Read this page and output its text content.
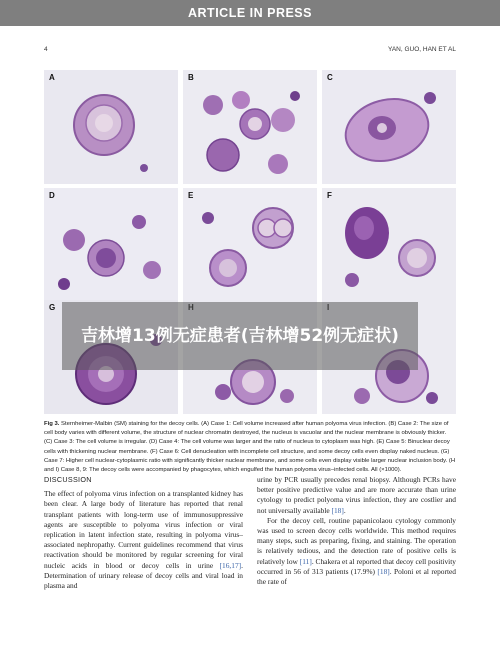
ARTICLE IN PRESS
4	YAN, GUO, HAN ET AL
A	B	C
D	E	F
G
吉林增13例无症患者(吉林增52例无症状)
Fig 3. Sternheimer-Malbin (SM) staining for the decoy cells. (A) Case 1: Cell volume increased after human polyoma virus infection. (B) Case 2: The size of cell body varies with different volume, the structure of nuclear chromatin destroyed, the nucleus is vacuolar and the nuclear membrane is obviously thicker. (C) Case 3: The cell volume is irregular. (D) Case 4: The cell volume was larger and the ratio of nucleus to cytoplasm was high. (E) Case 5: Binuclear decoy cells with thickening nuclear membrane. (F) Case 6: Cell denucleation with incomplete cell structure, and some decoy cells even display naked nucleus. (G) Case 7: Higher cell nuclear-cytoplasmic ratio with significantly thicker nuclear membrane, and some cells even display visible larger nuclear inclusion body. (H and I) Case 8, 9: The decoy cells were accompanied by phagocytes, which engulfed the human polyoma virus–infected cells. All (×1000).
DISCUSSION
The effect of polyoma virus infection on a transplanted kidney has been clear. A large body of literature has reported that renal transplant patients with long-term use of immunosuppressive agents are susceptible to polyoma virus infection or viral replication in latent infection state, resulting in polyoma virus–associated nephropathy. Current guidelines recommend that virus reactivation should be monitored by regular screening for viral nucleic acids in blood or decoy cells in urine [16,17]. Determination of urinary release of decoy cells and viral load in plasma and
urine by PCR usually precedes renal biopsy. Although PCRs have better positive predictive value and are more accurate than urine cytology to predict polyoma virus infection, they are costlier and not universally available [18].
For the decoy cell, routine papanicolaou cytology commonly was used to screen decoy cells worldwide. This method requires many steps, such as preparing, fixing, and staining. The operation is relatively tedious, and the detection rate of positive cells is relatively low [11]. Chakera et al reported that decoy cell positivity occurred in 56 of 313 patients (17.9%) [18]. Poloni et al reported the rate of
